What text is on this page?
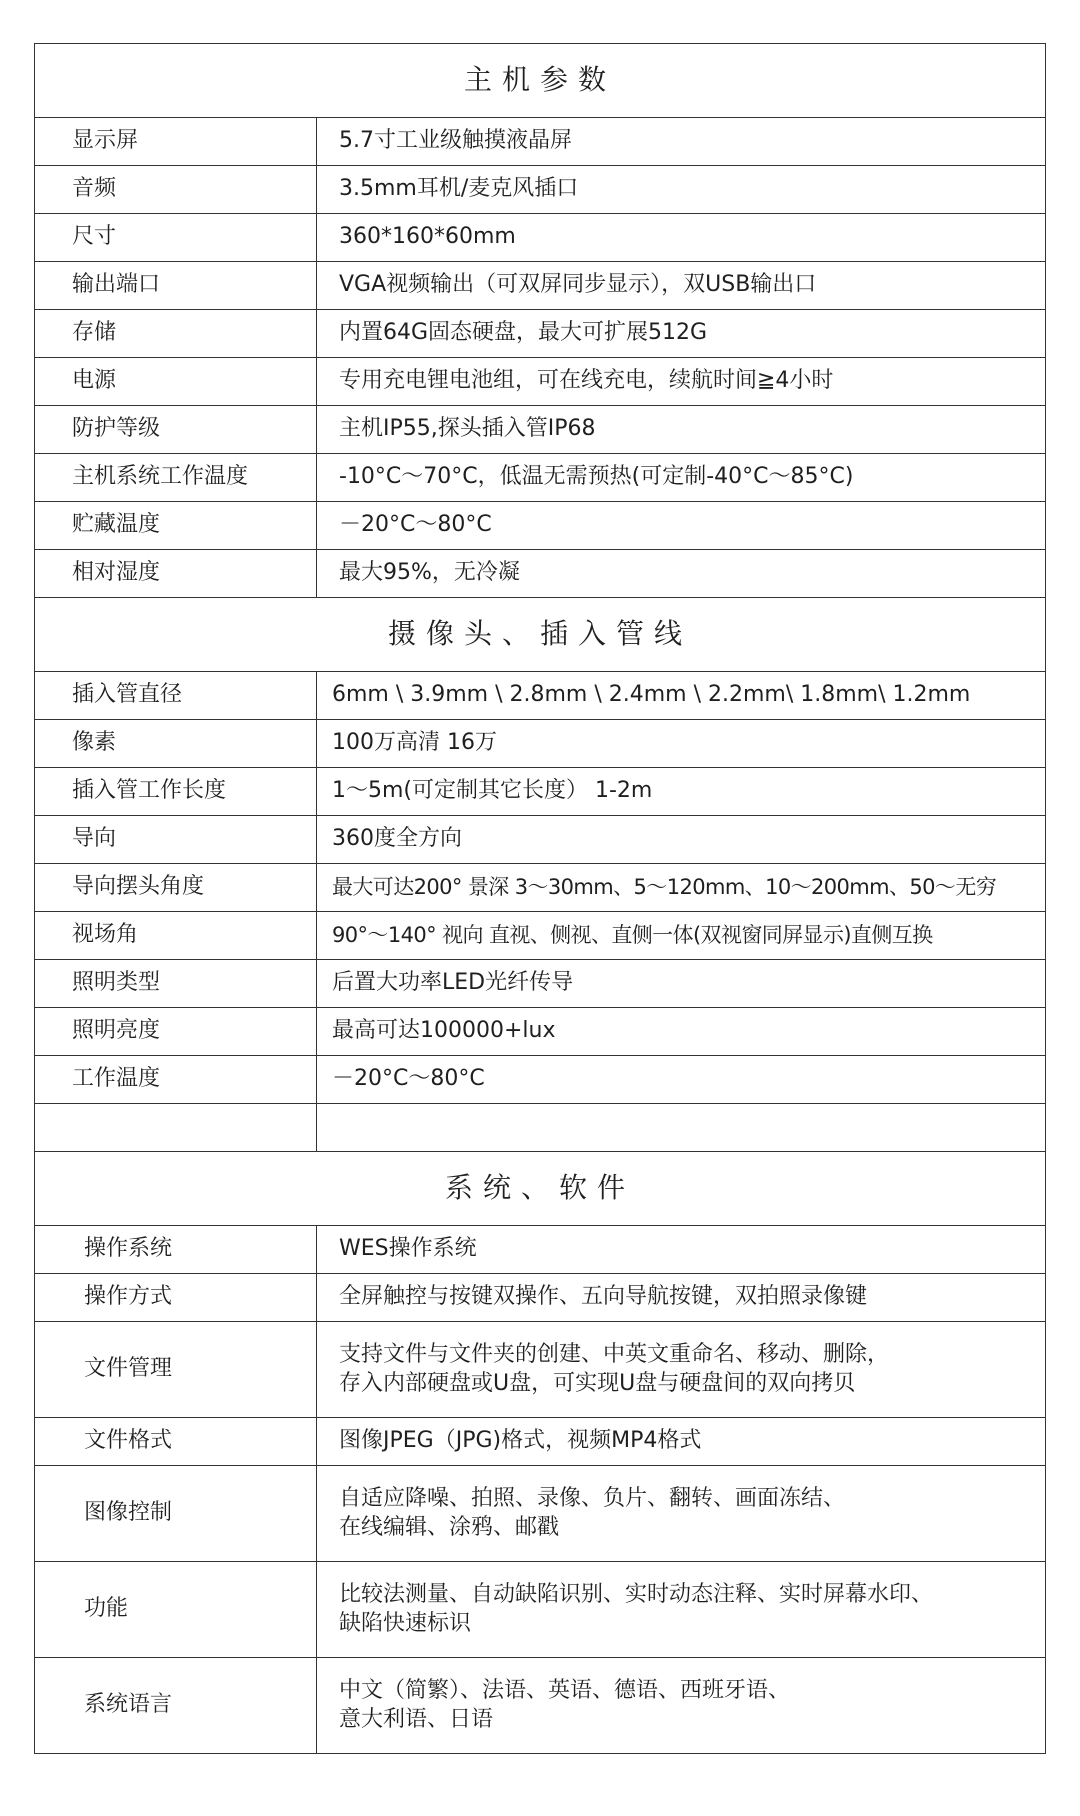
主机参数	
显示屏	5.7寸工业级触摸液晶屏
音频	3.5mm耳机/麦克风插口
尺寸	360*160*60mm
输出端口	VGA视频输出（可双屏同步显示），双USB输出口
存储	内置64G固态硬盘，最大可扩展512G
电源	专用充电锂电池组，可在线充电，续航时间≧4小时
防护等级	主机IP55,探头插入管IP68
主机系统工作温度	-10°C～70°C，低温无需预热(可定制-40°C～85°C)
贮藏温度	－20°C～80°C
相对湿度	最大95%，无冷凝
摄像头、插入管线	
插入管直径	6mm \ 3.9mm \ 2.8mm \ 2.4mm \ 2.2mm\ 1.8mm\ 1.2mm
像素	100万高清 16万
插入管工作长度	1～5m(可定制其它长度） 1-2m
导向	360度全方向
导向摆头角度	最大可达200° 景深 3～30mm、5～120mm、10～200mm、50～无穷
视场角	90°～140° 视向 直视、侧视、直侧一体(双视窗同屏显示)直侧互换
照明类型	后置大功率LED光纤传导
照明亮度	最高可达100000+lux
工作温度	－20°C～80°C

系统、软件	
操作系统	WES操作系统
操作方式	全屏触控与按键双操作、五向导航按键，双拍照录像键
文件管理	支持文件与文件夹的创建、中英文重命名、移动、删除，
存入内部硬盘或U盘，可实现U盘与硬盘间的双向拷贝
文件格式	图像JPEG（JPG)格式，视频MP4格式
图像控制	自适应降噪、拍照、录像、负片、翻转、画面冻结、
在线编辑、涂鸦、邮戳
功能	比较法测量、自动缺陷识别、实时动态注释、实时屏幕水印、
缺陷快速标识
系统语言	中文（简繁）、法语、英语、德语、西班牙语、
意大利语、日语
